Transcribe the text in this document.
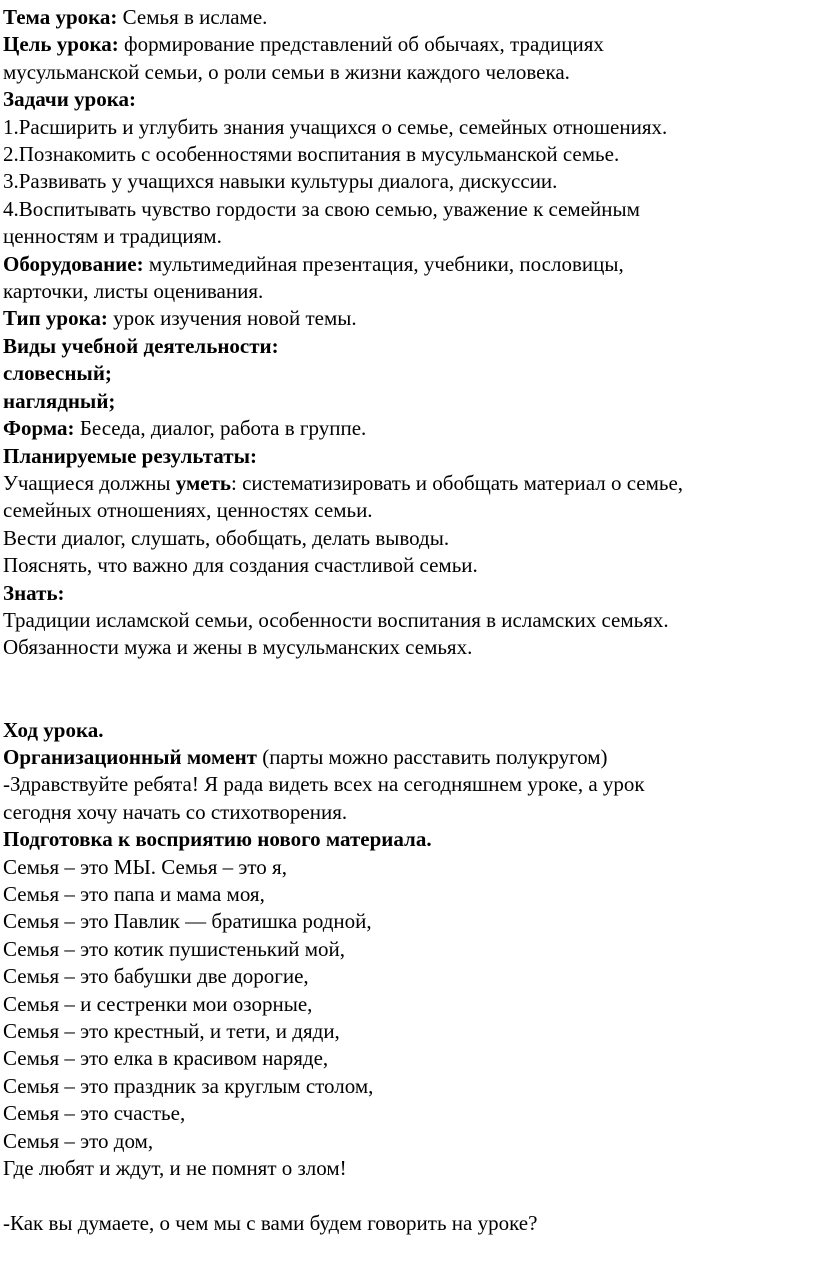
Тема урока: Семья в исламе.

Цель урока: формирование представлений об обычаях, традициях

мусульманской семьи, о роли семьи в жизни каждого человека.

Задачи урока:

1.Расширить и углубить знания учащихся о семье, семейных отношениях.

2.Познакомить с особенностями воспитания в мусульманской семье.

3.Развивать у учащихся навыки культуры диалога, дискуссии.

4.Воспитывать чувство гордости за свою семью, уважение к семейным

ценностям и традициям.

Оборудование: мультимедийная презентация, учебники, пословицы,

карточки, листы оценивания.

Тип урока: урок изучения новой темы.

Виды учебной деятельности:

словесный;

наглядный;

Форма: Беседа, диалог, работа в группе.

Планируемые результаты:

Учащиеся должны уметь: систематизировать и обобщать материал о семье,

семейных отношениях, ценностях семьи.

Вести диалог, слушать, обобщать, делать выводы.

Пояснять, что важно для создания счастливой семьи.

Знать:

Традиции исламской семьи, особенности воспитания в исламских семьях.

Обязанности мужа и жены в мусульманских семьях.

Ход урока.

Организационный момент (парты можно расставить полукругом)

-Здравствуйте ребята! Я рада видеть всех на сегодняшнем уроке, а урок

сегодня хочу начать со стихотворения.

Подготовка к восприятию нового материала.

Семья – это МЫ. Семья – это я,

Семья – это папа и мама моя,

Семья – это Павлик — братишка родной,

Семья – это котик пушистенький мой,

Семья – это бабушки две дорогие,

Семья – и сестренки мои озорные,

Семья – это крестный, и тети, и дяди,

Семья – это елка в красивом наряде,

Семья – это праздник за круглым столом,

Семья – это счастье,

Семья – это дом,

Где любят и ждут, и не помнят о злом!

-Как вы думаете, о чем мы с вами будем говорить на уроке?
